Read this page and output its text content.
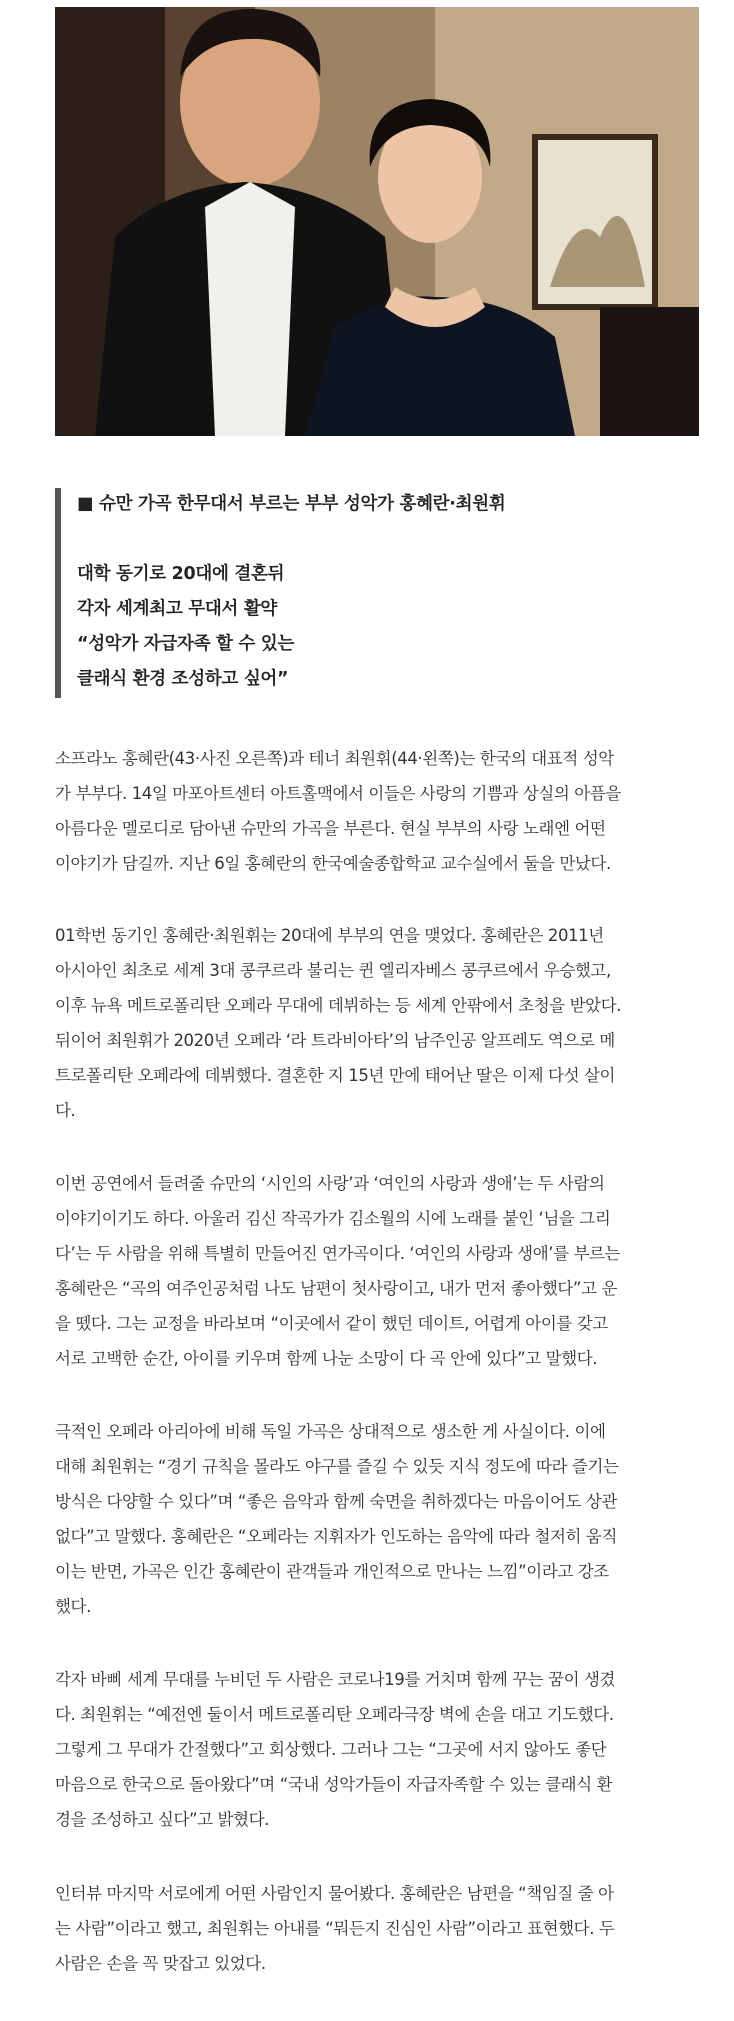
■ 슈만 가곡 한무대서 부르는 부부 성악가 홍혜란·최원휘
대학 동기로 20대에 결혼뒤
각자 세계최고 무대서 활약
“성악가 자급자족 할 수 있는
클래식 환경 조성하고 싶어”
소프라노 홍혜란(43·사진 오른쪽)과 테너 최원휘(44·왼쪽)는 한국의 대표적 성악
가 부부다. 14일 마포아트센터 아트홀맥에서 이들은 사랑의 기쁨과 상실의 아픔을
아름다운 멜로디로 담아낸 슈만의 가곡을 부른다. 현실 부부의 사랑 노래엔 어떤
이야기가 담길까. 지난 6일 홍혜란의 한국예술종합학교 교수실에서 둘을 만났다.
01학번 동기인 홍혜란·최원휘는 20대에 부부의 연을 맺었다. 홍혜란은 2011년
아시아인 최초로 세계 3대 콩쿠르라 불리는 퀸 엘리자베스 콩쿠르에서 우승했고,
이후 뉴욕 메트로폴리탄 오페라 무대에 데뷔하는 등 세계 안팎에서 초청을 받았다.
뒤이어 최원휘가 2020년 오페라 ‘라 트라비아타’의 남주인공 알프레도 역으로 메
트로폴리탄 오페라에 데뷔했다. 결혼한 지 15년 만에 태어난 딸은 이제 다섯 살이
다.
이번 공연에서 들려줄 슈만의 ‘시인의 사랑’과 ‘여인의 사랑과 생애’는 두 사람의
이야기이기도 하다. 아울러 김신 작곡가가 김소월의 시에 노래를 붙인 ‘님을 그리
다’는 두 사람을 위해 특별히 만들어진 연가곡이다. ‘여인의 사랑과 생애’를 부르는
홍혜란은 “곡의 여주인공처럼 나도 남편이 첫사랑이고, 내가 먼저 좋아했다”고 운
을 뗐다. 그는 교정을 바라보며 “이곳에서 같이 했던 데이트, 어렵게 아이를 갖고
서로 고백한 순간, 아이를 키우며 함께 나눈 소망이 다 곡 안에 있다”고 말했다.
극적인 오페라 아리아에 비해 독일 가곡은 상대적으로 생소한 게 사실이다. 이에
대해 최원휘는 “경기 규칙을 몰라도 야구를 즐길 수 있듯 지식 정도에 따라 즐기는
방식은 다양할 수 있다”며 “좋은 음악과 함께 숙면을 취하겠다는 마음이어도 상관
없다”고 말했다. 홍혜란은 “오페라는 지휘자가 인도하는 음악에 따라 철저히 움직
이는 반면, 가곡은 인간 홍혜란이 관객들과 개인적으로 만나는 느낌”이라고 강조
했다.
각자 바삐 세계 무대를 누비던 두 사람은 코로나19를 거치며 함께 꾸는 꿈이 생겼
다. 최원휘는 “예전엔 둘이서 메트로폴리탄 오페라극장 벽에 손을 대고 기도했다.
그렇게 그 무대가 간절했다”고 회상했다. 그러나 그는 “그곳에 서지 않아도 좋단
마음으로 한국으로 돌아왔다”며 “국내 성악가들이 자급자족할 수 있는 클래식 환
경을 조성하고 싶다”고 밝혔다.
인터뷰 마지막 서로에게 어떤 사람인지 물어봤다. 홍혜란은 남편을 “책임질 줄 아
는 사람”이라고 했고, 최원휘는 아내를 “뭐든지 진심인 사람”이라고 표현했다. 두
사람은 손을 꼭 맞잡고 있었다.
